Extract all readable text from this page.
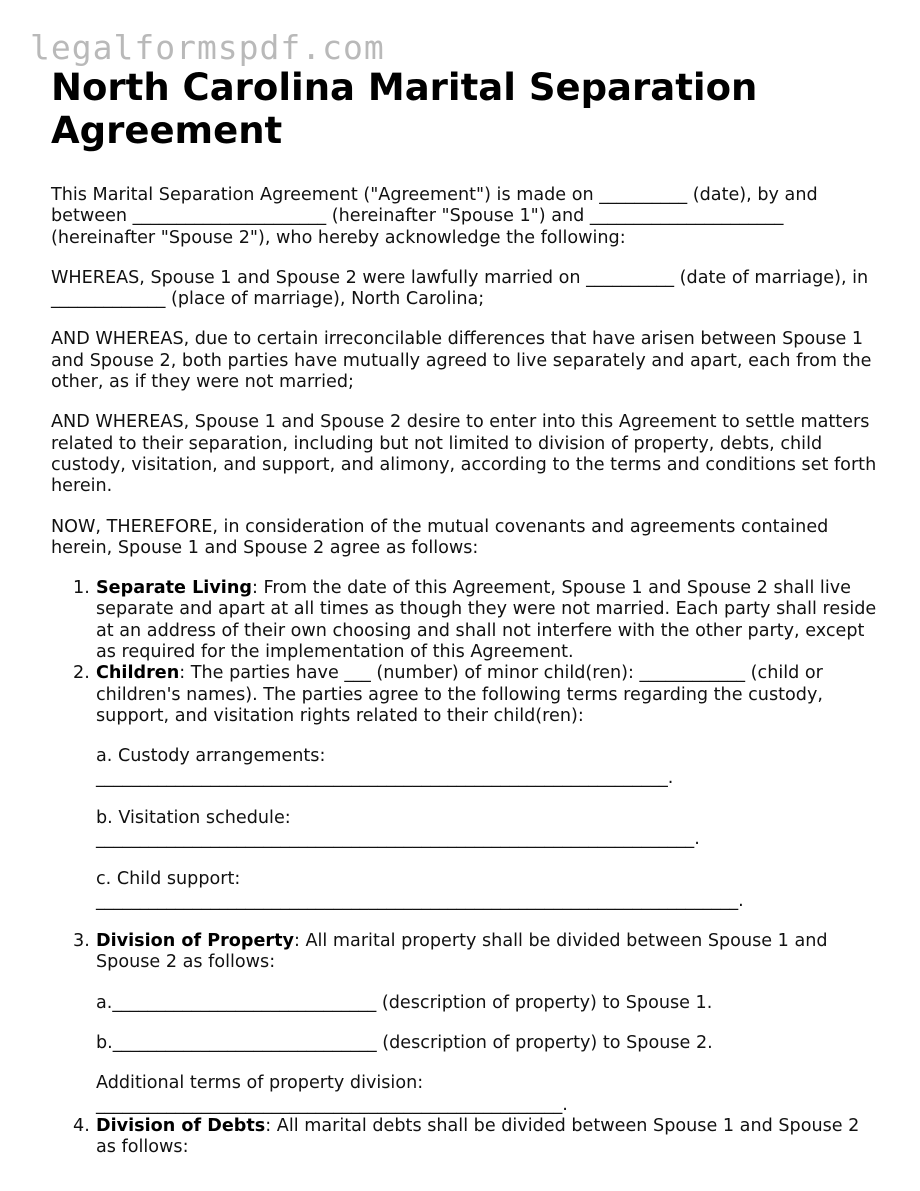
legalformspdf.com
North Carolina Marital Separation Agreement

This Marital Separation Agreement ("Agreement") is made on __________ (date), by and between ______________________ (hereinafter "Spouse 1") and ______________________ (hereinafter "Spouse 2"), who hereby acknowledge the following:

WHEREAS, Spouse 1 and Spouse 2 were lawfully married on __________ (date of marriage), in _____________ (place of marriage), North Carolina;

AND WHEREAS, due to certain irreconcilable differences that have arisen between Spouse 1 and Spouse 2, both parties have mutually agreed to live separately and apart, each from the other, as if they were not married;

AND WHEREAS, Spouse 1 and Spouse 2 desire to enter into this Agreement to settle matters related to their separation, including but not limited to division of property, debts, child custody, visitation, and support, and alimony, according to the terms and conditions set forth herein.

NOW, THEREFORE, in consideration of the mutual covenants and agreements contained herein, Spouse 1 and Spouse 2 agree as follows:

1. Separate Living: From the date of this Agreement, Spouse 1 and Spouse 2 shall live separate and apart at all times as though they were not married. Each party shall reside at an address of their own choosing and shall not interfere with the other party, except as required for the implementation of this Agreement.
2. Children: The parties have ___ (number) of minor child(ren): ____________ (child or children's names). The parties agree to the following terms regarding the custody, support, and visitation rights related to their child(ren):
a. Custody arrangements:
_________________________________________________________________.
b. Visitation schedule:
____________________________________________________________________.
c. Child support:
_________________________________________________________________________.
3. Division of Property: All marital property shall be divided between Spouse 1 and Spouse 2 as follows:
a.______________________________ (description of property) to Spouse 1.
b.______________________________ (description of property) to Spouse 2.
Additional terms of property division:
_____________________________________________________.
4. Division of Debts: All marital debts shall be divided between Spouse 1 and Spouse 2 as follows:
